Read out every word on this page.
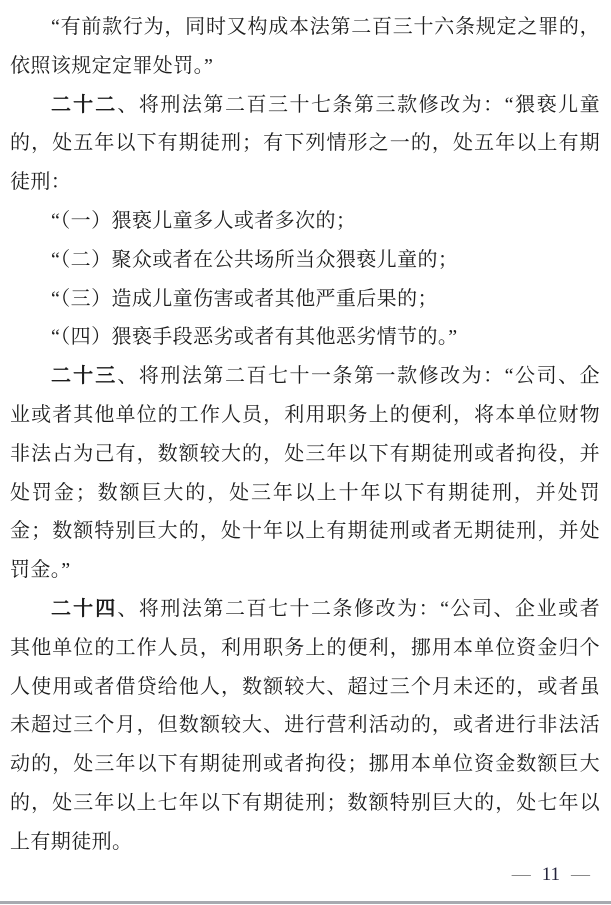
“有前款行为，同时又构成本法第二百三十六条规定之罪的，
依照该规定定罪处罚。”
二十二、将刑法第二百三十七条第三款修改为：“猥亵儿童
的，处五年以下有期徒刑；有下列情形之一的，处五年以上有期
徒刑：
“（一）猥亵儿童多人或者多次的；
“（二）聚众或者在公共场所当众猥亵儿童的；
“（三）造成儿童伤害或者其他严重后果的；
“（四）猥亵手段恶劣或者有其他恶劣情节的。”
二十三、将刑法第二百七十一条第一款修改为：“公司、企
业或者其他单位的工作人员，利用职务上的便利，将本单位财物
非法占为己有，数额较大的，处三年以下有期徒刑或者拘役，并
处罚金；数额巨大的，处三年以上十年以下有期徒刑，并处罚
金；数额特别巨大的，处十年以上有期徒刑或者无期徒刑，并处
罚金。”
二十四、将刑法第二百七十二条修改为：“公司、企业或者
其他单位的工作人员，利用职务上的便利，挪用本单位资金归个
人使用或者借贷给他人，数额较大、超过三个月未还的，或者虽
未超过三个月，但数额较大、进行营利活动的，或者进行非法活
动的，处三年以下有期徒刑或者拘役；挪用本单位资金数额巨大
的，处三年以上七年以下有期徒刑；数额特别巨大的，处七年以
上有期徒刑。
— 11 —
